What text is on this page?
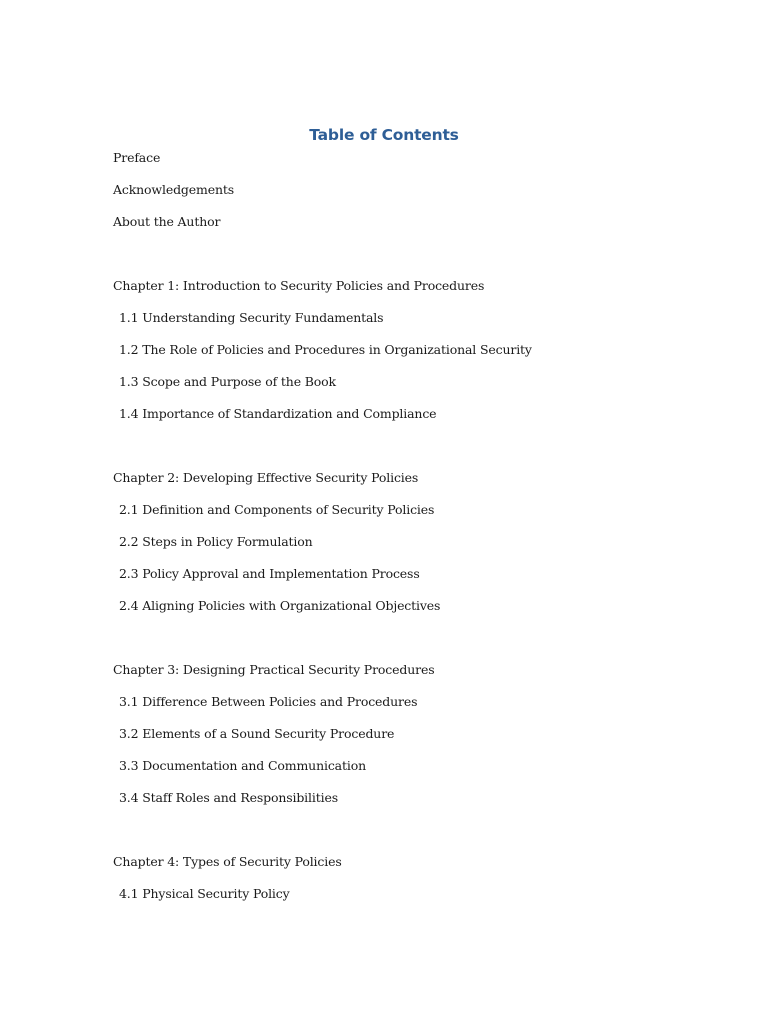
Table of Contents
Preface
Acknowledgements
About the Author
Chapter 1: Introduction to Security Policies and Procedures
1.1 Understanding Security Fundamentals
1.2 The Role of Policies and Procedures in Organizational Security
1.3 Scope and Purpose of the Book
1.4 Importance of Standardization and Compliance
Chapter 2: Developing Effective Security Policies
2.1 Definition and Components of Security Policies
2.2 Steps in Policy Formulation
2.3 Policy Approval and Implementation Process
2.4 Aligning Policies with Organizational Objectives
Chapter 3: Designing Practical Security Procedures
3.1 Difference Between Policies and Procedures
3.2 Elements of a Sound Security Procedure
3.3 Documentation and Communication
3.4 Staff Roles and Responsibilities
Chapter 4: Types of Security Policies
4.1 Physical Security Policy
